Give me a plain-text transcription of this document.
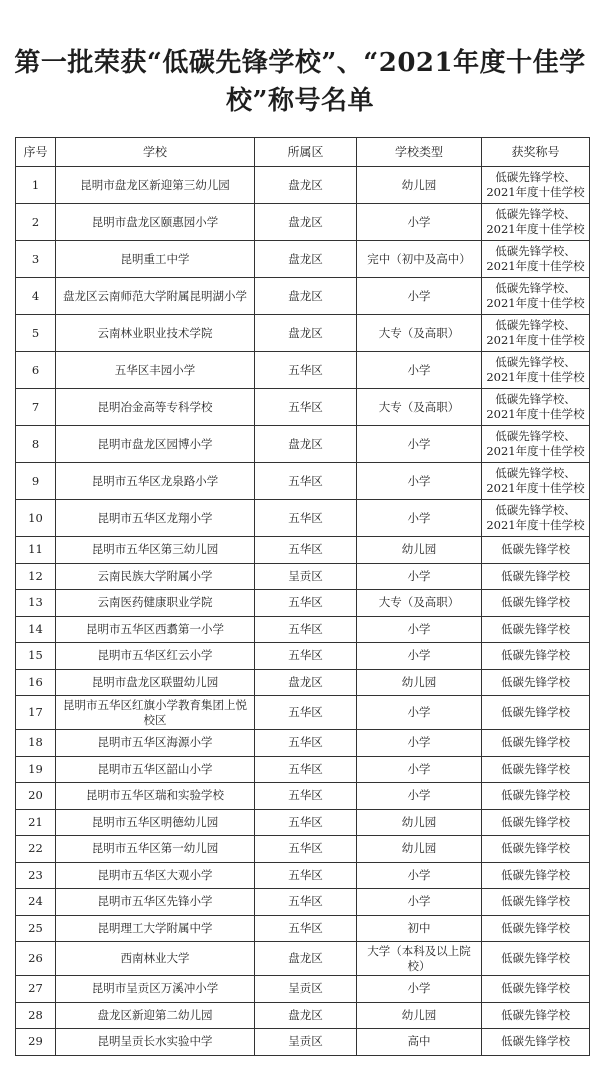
第一批荣获“低碳先锋学校”、“2021年度十佳学
校”称号名单
序号	学校	所属区	学校类型	获奖称号
1	昆明市盘龙区新迎第三幼儿园	盘龙区	幼儿园	低碳先锋学校、
2021年度十佳学校
2	昆明市盘龙区颐惠园小学	盘龙区	小学	低碳先锋学校、
2021年度十佳学校
3	昆明重工中学	盘龙区	完中（初中及高中）	低碳先锋学校、
2021年度十佳学校
4	盘龙区云南师范大学附属昆明湖小学	盘龙区	小学	低碳先锋学校、
2021年度十佳学校
5	云南林业职业技术学院	盘龙区	大专（及高职）	低碳先锋学校、
2021年度十佳学校
6	五华区丰园小学	五华区	小学	低碳先锋学校、
2021年度十佳学校
7	昆明冶金高等专科学校	五华区	大专（及高职）	低碳先锋学校、
2021年度十佳学校
8	昆明市盘龙区园博小学	盘龙区	小学	低碳先锋学校、
2021年度十佳学校
9	昆明市五华区龙泉路小学	五华区	小学	低碳先锋学校、
2021年度十佳学校
10	昆明市五华区龙翔小学	五华区	小学	低碳先锋学校、
2021年度十佳学校
11	昆明市五华区第三幼儿园	五华区	幼儿园	低碳先锋学校
12	云南民族大学附属小学	呈贡区	小学	低碳先锋学校
13	云南医药健康职业学院	五华区	大专（及高职）	低碳先锋学校
14	昆明市五华区西翥第一小学	五华区	小学	低碳先锋学校
15	昆明市五华区红云小学	五华区	小学	低碳先锋学校
16	昆明市盘龙区联盟幼儿园	盘龙区	幼儿园	低碳先锋学校
17	昆明市五华区红旗小学教育集团上悦
校区	五华区	小学	低碳先锋学校
18	昆明市五华区海源小学	五华区	小学	低碳先锋学校
19	昆明市五华区韶山小学	五华区	小学	低碳先锋学校
20	昆明市五华区瑞和实验学校	五华区	小学	低碳先锋学校
21	昆明市五华区明德幼儿园	五华区	幼儿园	低碳先锋学校
22	昆明市五华区第一幼儿园	五华区	幼儿园	低碳先锋学校
23	昆明市五华区大观小学	五华区	小学	低碳先锋学校
24	昆明市五华区先锋小学	五华区	小学	低碳先锋学校
25	昆明理工大学附属中学	五华区	初中	低碳先锋学校
26	西南林业大学	盘龙区	大学（本科及以上院
校）	低碳先锋学校
27	昆明市呈贡区万溪冲小学	呈贡区	小学	低碳先锋学校
28	盘龙区新迎第二幼儿园	盘龙区	幼儿园	低碳先锋学校
29	昆明呈贡长水实验中学	呈贡区	高中	低碳先锋学校
